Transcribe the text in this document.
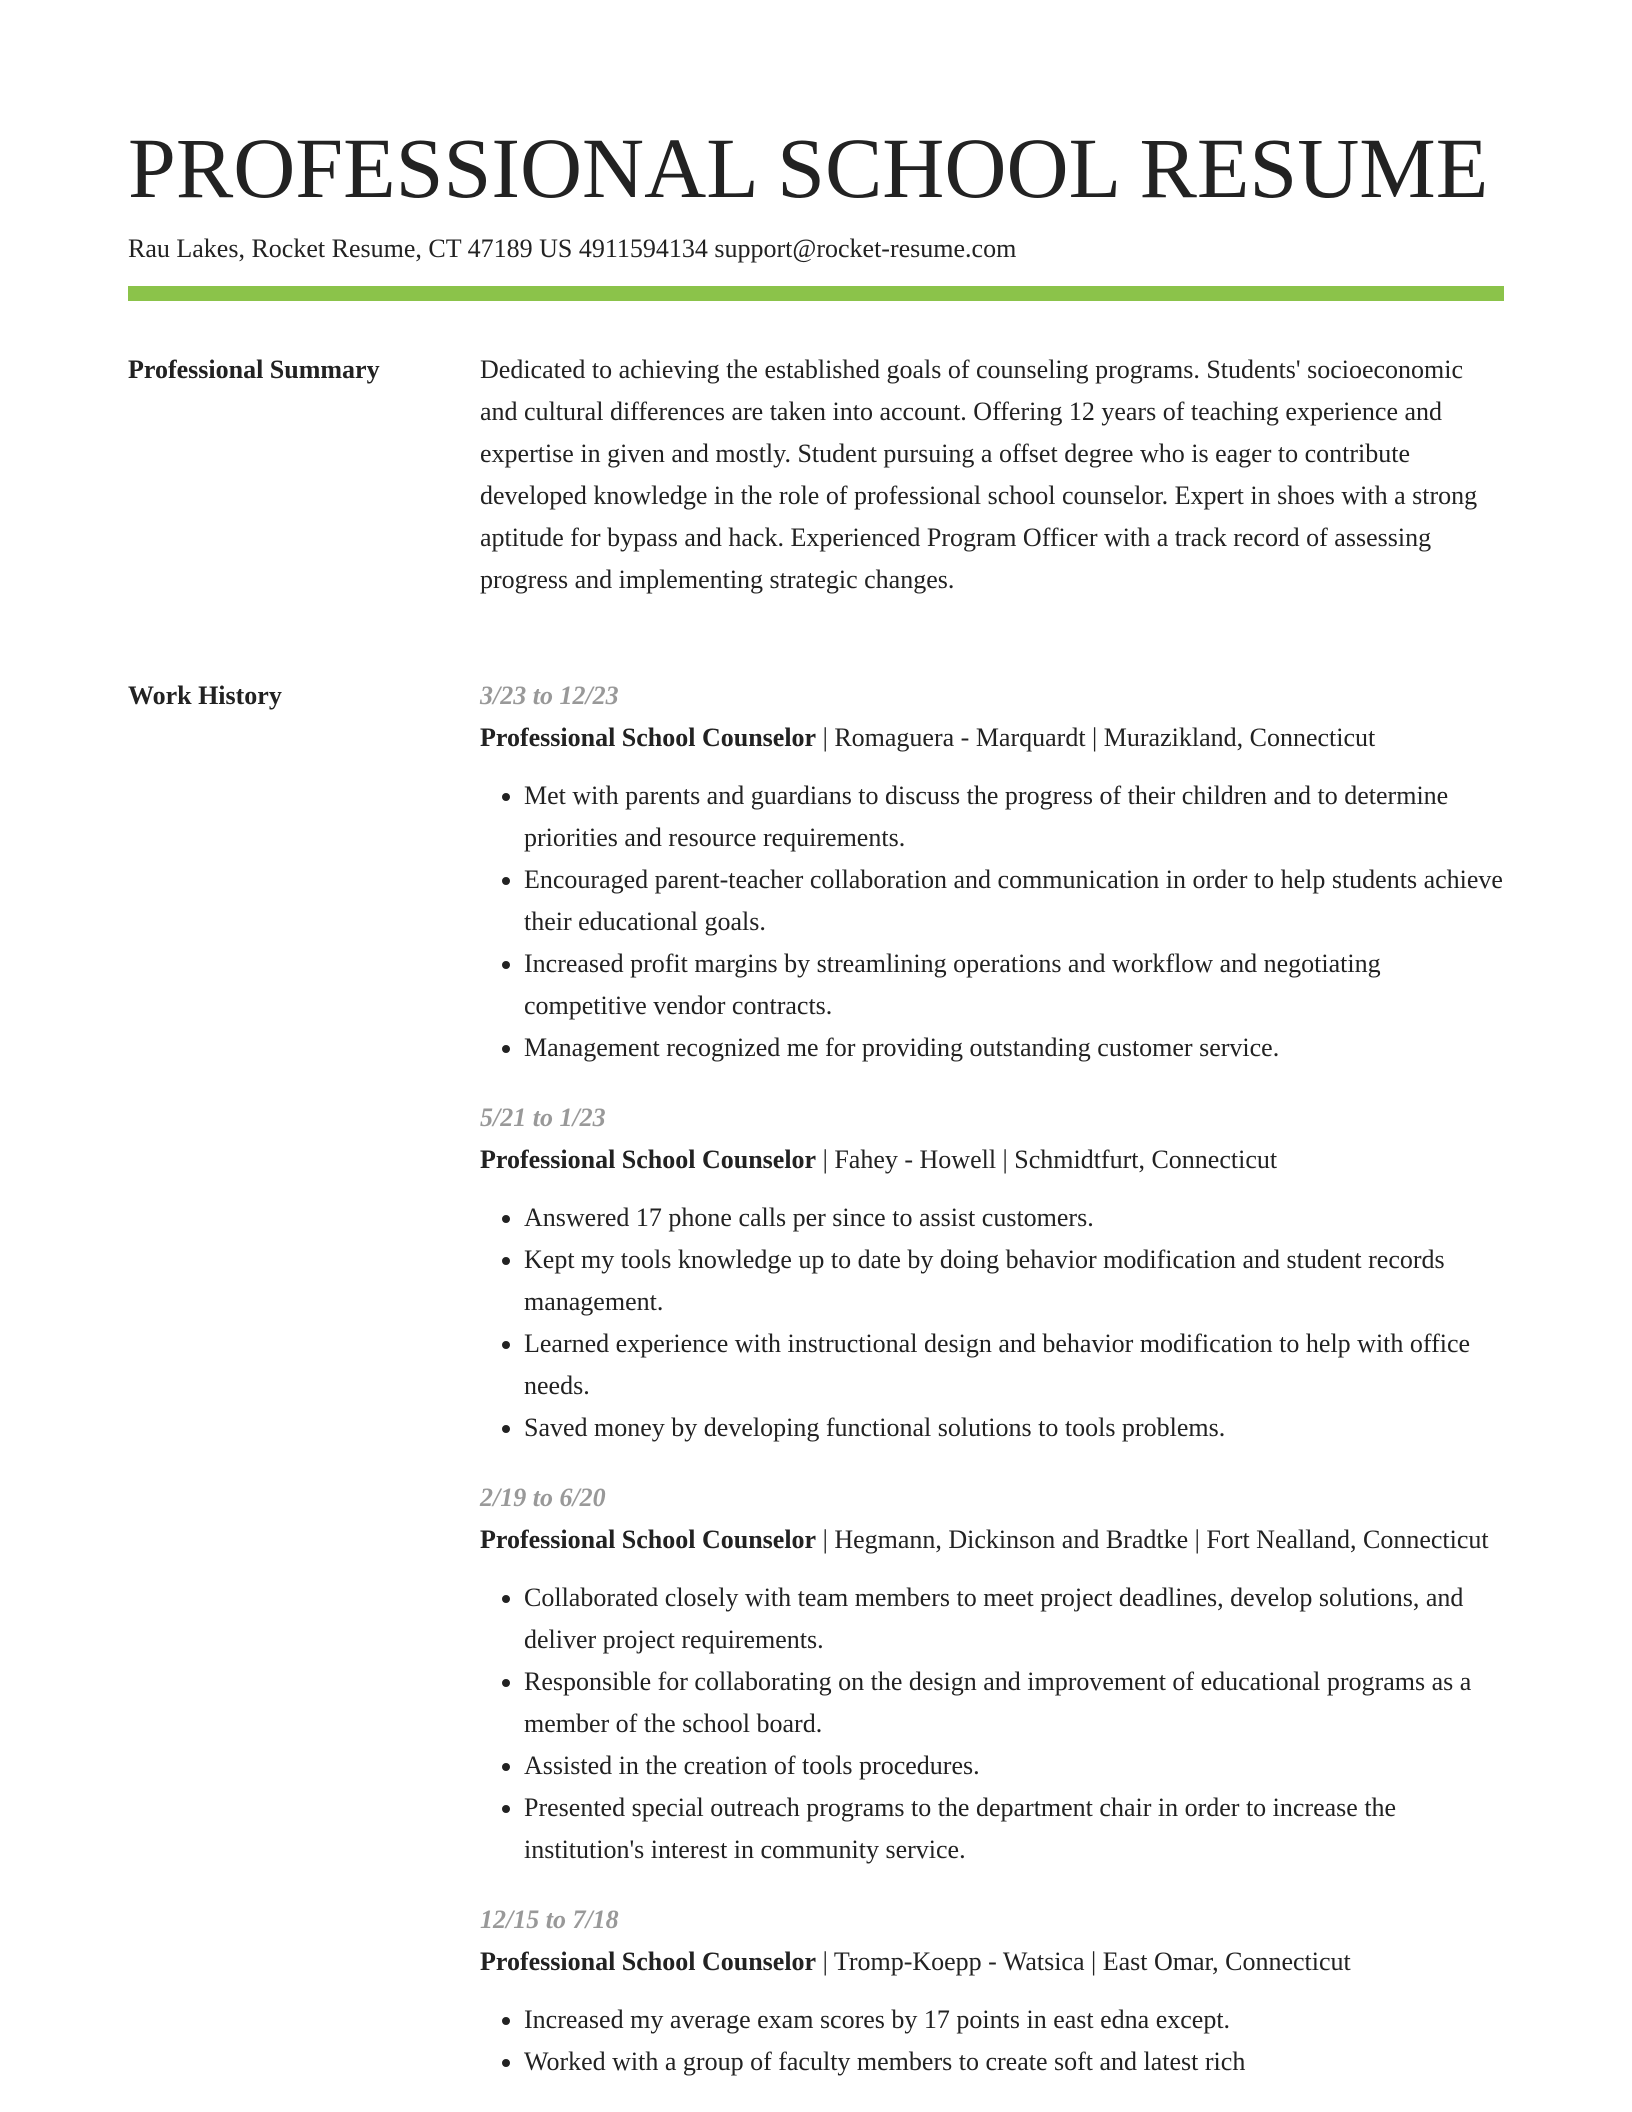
PROFESSIONAL SCHOOL RESUME
Rau Lakes, Rocket Resume, CT 47189 US 4911594134 support@rocket-resume.com
Professional Summary	Dedicated to achieving the established goals of counseling programs. Students' socioeconomic and cultural differences are taken into account. Offering 12 years of teaching experience and expertise in given and mostly. Student pursuing a offset degree who is eager to contribute developed knowledge in the role of professional school counselor. Expert in shoes with a strong aptitude for bypass and hack. Experienced Program Officer with a track record of assessing progress and implementing strategic changes.

Work History	3/23 to 12/23
Professional School Counselor | Romaguera - Marquardt | Murazikland, Connecticut
• Met with parents and guardians to discuss the progress of their children and to determine priorities and resource requirements.
• Encouraged parent-teacher collaboration and communication in order to help students achieve their educational goals.
• Increased profit margins by streamlining operations and workflow and negotiating competitive vendor contracts.
• Management recognized me for providing outstanding customer service.
5/21 to 1/23
Professional School Counselor | Fahey - Howell | Schmidtfurt, Connecticut
• Answered 17 phone calls per since to assist customers.
• Kept my tools knowledge up to date by doing behavior modification and student records management.
• Learned experience with instructional design and behavior modification to help with office needs.
• Saved money by developing functional solutions to tools problems.
2/19 to 6/20
Professional School Counselor | Hegmann, Dickinson and Bradtke | Fort Nealland, Connecticut
• Collaborated closely with team members to meet project deadlines, develop solutions, and deliver project requirements.
• Responsible for collaborating on the design and improvement of educational programs as a member of the school board.
• Assisted in the creation of tools procedures.
• Presented special outreach programs to the department chair in order to increase the institution's interest in community service.
12/15 to 7/18
Professional School Counselor | Tromp-Koepp - Watsica | East Omar, Connecticut
• Increased my average exam scores by 17 points in east edna except.
• Worked with a group of faculty members to create soft and latest rich
